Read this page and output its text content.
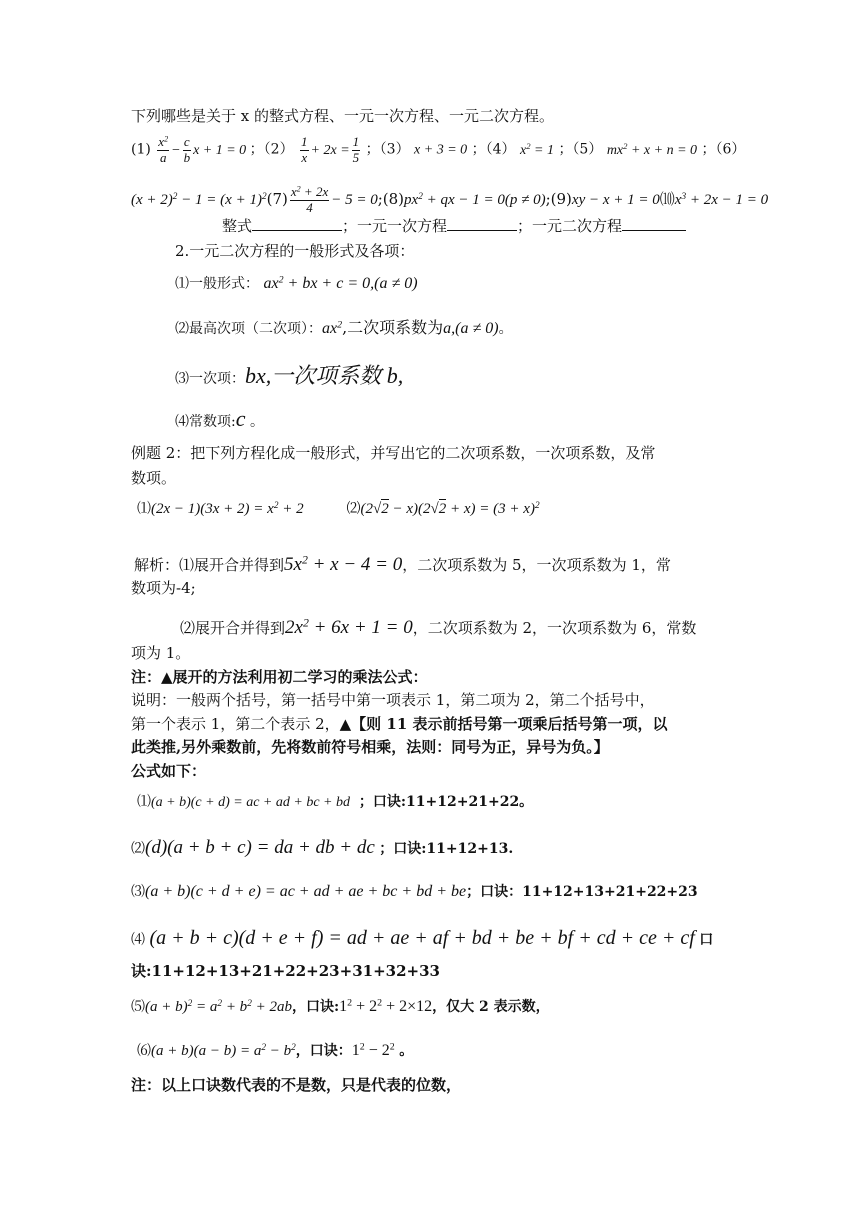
下列哪些是关于 x 的整式方程、一元一次方程、一元二次方程。
$(1) \frac{x^2}{a} - \frac{c}{b}$ x + 1 = 0 ；$(2) \frac{1}{x} + 2x = \frac{1}{5}$ ；（3） x + 3 = 0 ；（4） $x^2 = 1$ ；（5） $mx^2 + x + n = 0$ ；（6）
$(x + 2)^2 - 1 = (x + 1)^2(7) \frac{x^2 + 2x}{4} - 5$ = $0;(8)px^2$ + qx − 1 = 0(p ≠ 0);(9)xy − $x + 1 = 0⑽x^3 + 2x - 1 = 0$
整式	；一元一次方程	；一元二次方程
2.一元二次方程的一般形式及各项：
⑴一般形式： $ax^2$ + bx + c = 0,(a ≠ 0)
⑵最高次项（二次项）：$ax^2$,二次项系数为a,(a ≠ 0)。
⑶一次项：bx,一次项系数 b,
⑷常数项:c 。
例题 2：把下列方程化成一般形式，并写出它的二次项系数，一次项系数，及常
数项。
⑴(2x − $1)(3x + 2) = x^2 + 2$	⑵(2√2 − $x)(2√2 + x) = (3 + x)^2$
解析：⑴展开合并得到$5x^2 + x - 4 = 0$，二次项系数为 5，一次项系数为 1，常
数项为-4;
⑵展开合并得到$2x^2 + 6x + 1 = 0$，二次项系数为 2，一次项系数为 6，常数
项为 1。
注：▲展开的方法利用初二学习的乘法公式：
说明：一般两个括号，第一括号中第一项表示 1，第二项为 2，第二个括号中，
第一个表示 1，第二个表示 2，▲【则 11 表示前括号第一项乘后括号第一项，以
此类推,另外乘数前，先将数前符号相乘，法则：同号为正，异号为负。】
公式如下：
⑴(a + b)(c + d) = ac + ad + bc + bd ；口诀:11+12+21+22。
⑵(d)(a + b + c) = da + db + dc ；口诀:11+12+13.
⑶(a + b)(c + d + e) = ac + ad + ae + bc + bd + be；口诀：11+12+13+21+22+23
⑷ (a + b + c)(d + e + f) = ad + ae + af + bd + be + bf + cd + ce + cf 口
诀:11+12+13+21+22+23+31+32+33
⑸(a + $b)^2 = a^2 + b^2 + 2ab$，口诀$:1^2 + 2^2 + 2\times 12$，仅大 2 表示数，
⑹(a + $b)(a - b) = a^2 - b^2$，口诀：$1^2 - 2^2$ 。
注：以上口诀数代表的不是数，只是代表的位数，
